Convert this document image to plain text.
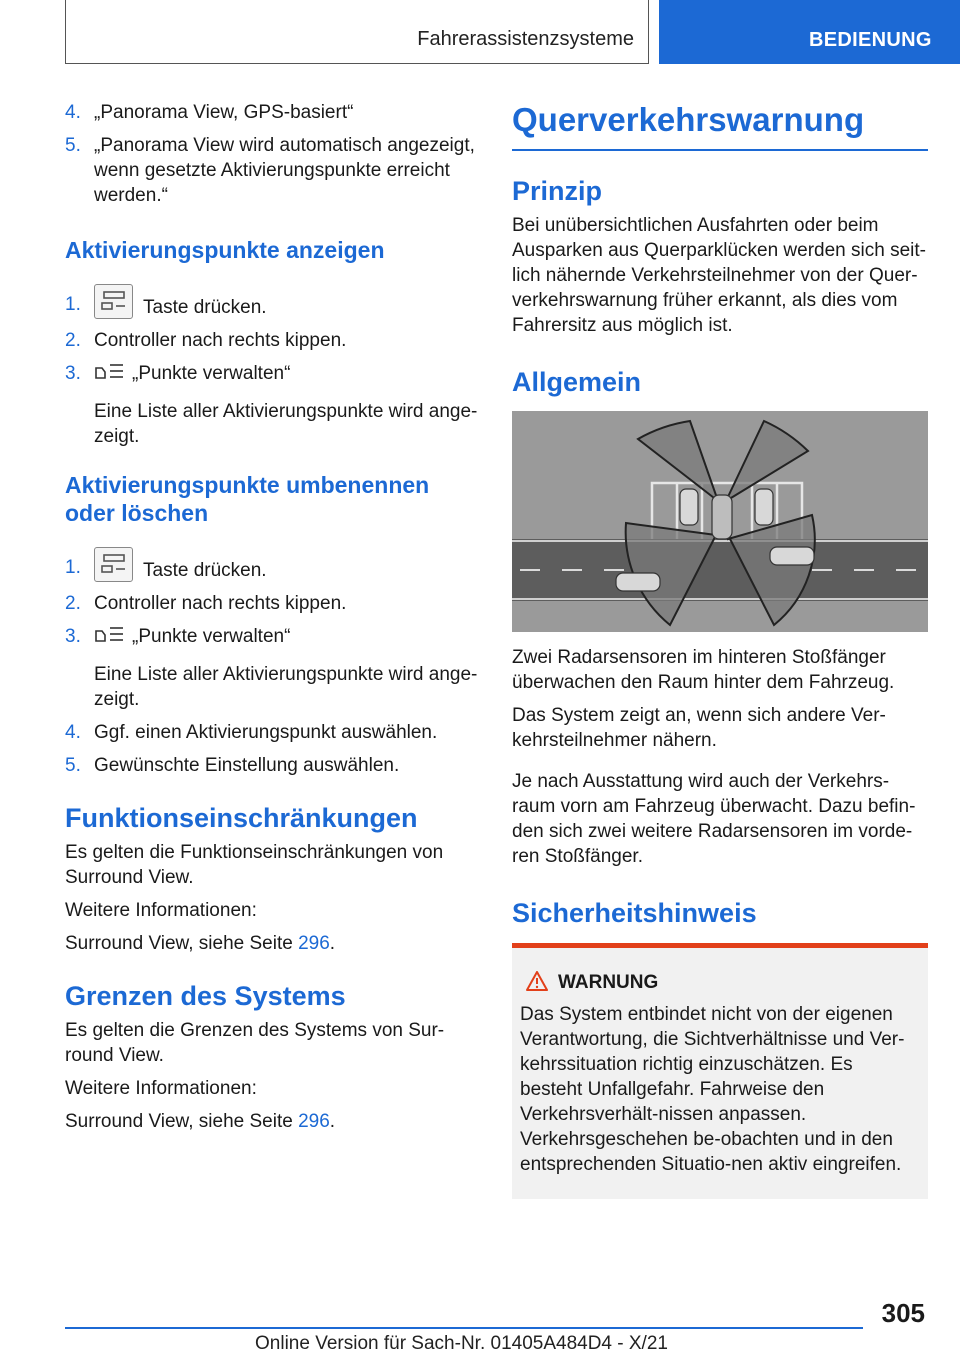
Fahrerassistenzsysteme	BEDIENUNG
4. „Panorama View, GPS-basiert“
5. „Panorama View wird automatisch angezeigt, wenn gesetzte Aktivierungspunkte erreicht werden.“
Aktivierungspunkte anzeigen
1.	Taste drücken.
2. Controller nach rechts kippen.
3.	„Punkte verwalten“
Eine Liste aller Aktivierungspunkte wird ange-zeigt.
Aktivierungspunkte umbenennen oder löschen
1.	Taste drücken.
2. Controller nach rechts kippen.
3.	„Punkte verwalten“
Eine Liste aller Aktivierungspunkte wird ange-zeigt.
4. Ggf. einen Aktivierungspunkt auswählen.
5. Gewünschte Einstellung auswählen.
Funktionseinschränkungen
Es gelten die Funktionseinschränkungen von Surround View.
Weitere Informationen:
Surround View, siehe Seite 296.
Grenzen des Systems
Es gelten die Grenzen des Systems von Sur-round View.
Weitere Informationen:
Surround View, siehe Seite 296.
Querverkehrswarnung
Prinzip
Bei unübersichtlichen Ausfahrten oder beim Ausparken aus Querparklücken werden sich seit-lich nähernde Verkehrsteilnehmer von der Quer-verkehrswarnung früher erkannt, als dies vom Fahrersitz aus möglich ist.
Allgemein
Zwei Radarsensoren im hinteren Stoßfänger überwachen den Raum hinter dem Fahrzeug.
Das System zeigt an, wenn sich andere Ver-kehrsteilnehmer nähern.
Je nach Ausstattung wird auch der Verkehrs-raum vorn am Fahrzeug überwacht. Dazu befin-den sich zwei weitere Radarsensoren im vorde-ren Stoßfänger.
Sicherheitshinweis
WARNUNG
Das System entbindet nicht von der eigenen Verantwortung, die Sichtverhältnisse und Ver-kehrssituation richtig einzuschätzen. Es besteht Unfallgefahr. Fahrweise den Verkehrsverhält-nissen anpassen. Verkehrsgeschehen be-obachten und in den entsprechenden Situatio-nen aktiv eingreifen.
305
Online Version für Sach-Nr. 01405A484D4 - X/21
